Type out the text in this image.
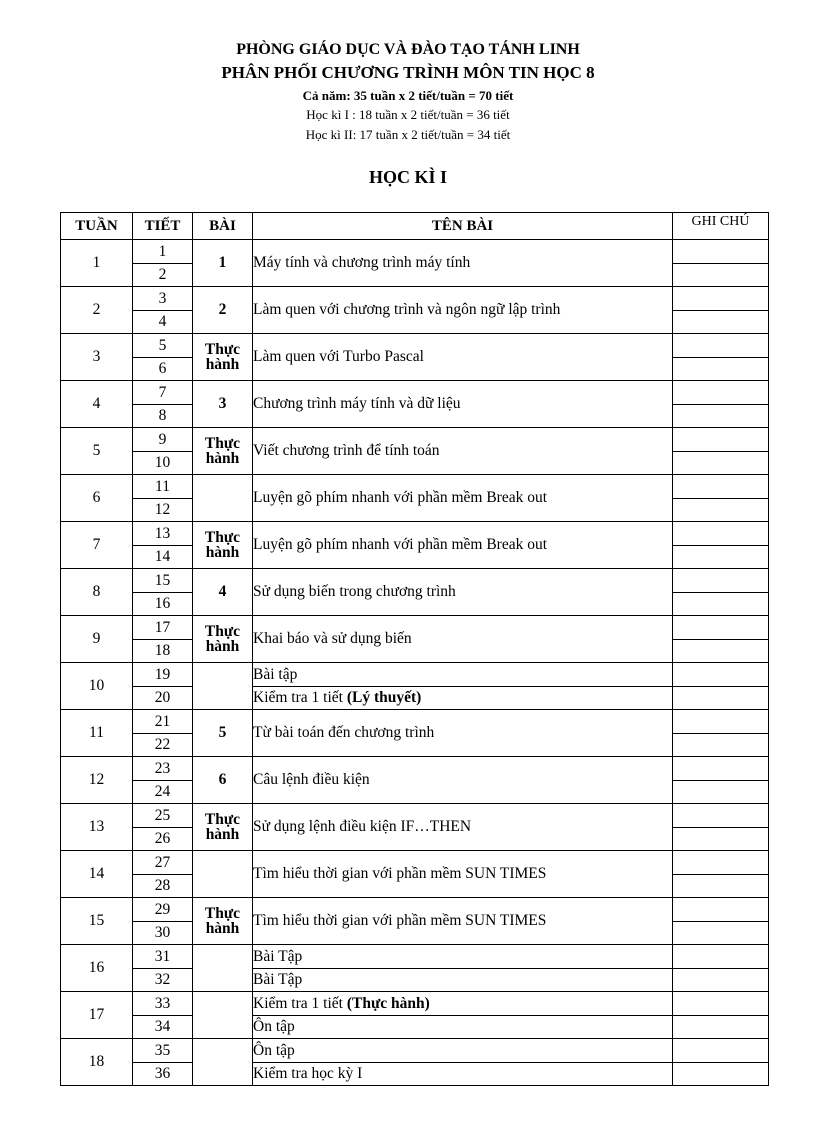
PHÒNG GIÁO DỤC VÀ ĐÀO TẠO TÁNH LINH
PHÂN PHỐI CHƯƠNG TRÌNH MÔN TIN HỌC 8
Cả năm: 35 tuần x 2 tiết/tuần = 70 tiết
Học kì I : 18 tuần x 2 tiết/tuần = 36 tiết
Học kì II: 17 tuần x 2 tiết/tuần = 34 tiết
HỌC KÌ I
TUẦN	TIẾT	BÀI	TÊN BÀI	GHI CHÚ
1	1	1	Máy tính và chương trình máy tính	
	2			
2	3	2	Làm quen với chương trình và ngôn ngữ lập trình	
	4			
3	5	Thực hành	Làm quen với Turbo Pascal	
	6			
4	7	3	Chương trình máy tính và dữ liệu	
	8			
5	9	Thực hành	Viết chương trình để tính toán	
	10			
6	11		Luyện gõ phím nhanh với phần mềm Break out	
	12			
7	13	Thực hành	Luyện gõ phím nhanh với phần mềm Break out	
	14			
8	15	4	Sử dụng biến trong chương trình	
	16			
9	17	Thực hành	Khai báo và sử dụng biến	
	18			
10	19		Bài tập	
	20		Kiểm tra 1 tiết (Lý thuyết)	
11	21	5	Từ bài toán đến chương trình	
	22			
12	23	6	Câu lệnh điều kiện	
	24			
13	25	Thực hành	Sử dụng lệnh điều kiện IF…THEN	
	26			
14	27		Tìm hiểu thời gian với phần mềm SUN TIMES	
	28			
15	29	Thực hành	Tìm hiểu thời gian với phần mềm SUN TIMES	
	30			
16	31		Bài Tập	
	32		Bài Tập	
17	33		Kiểm tra 1 tiết (Thực hành)	
	34		Ôn tập	
18	35		Ôn tập	
	36		Kiểm tra học kỳ I	
